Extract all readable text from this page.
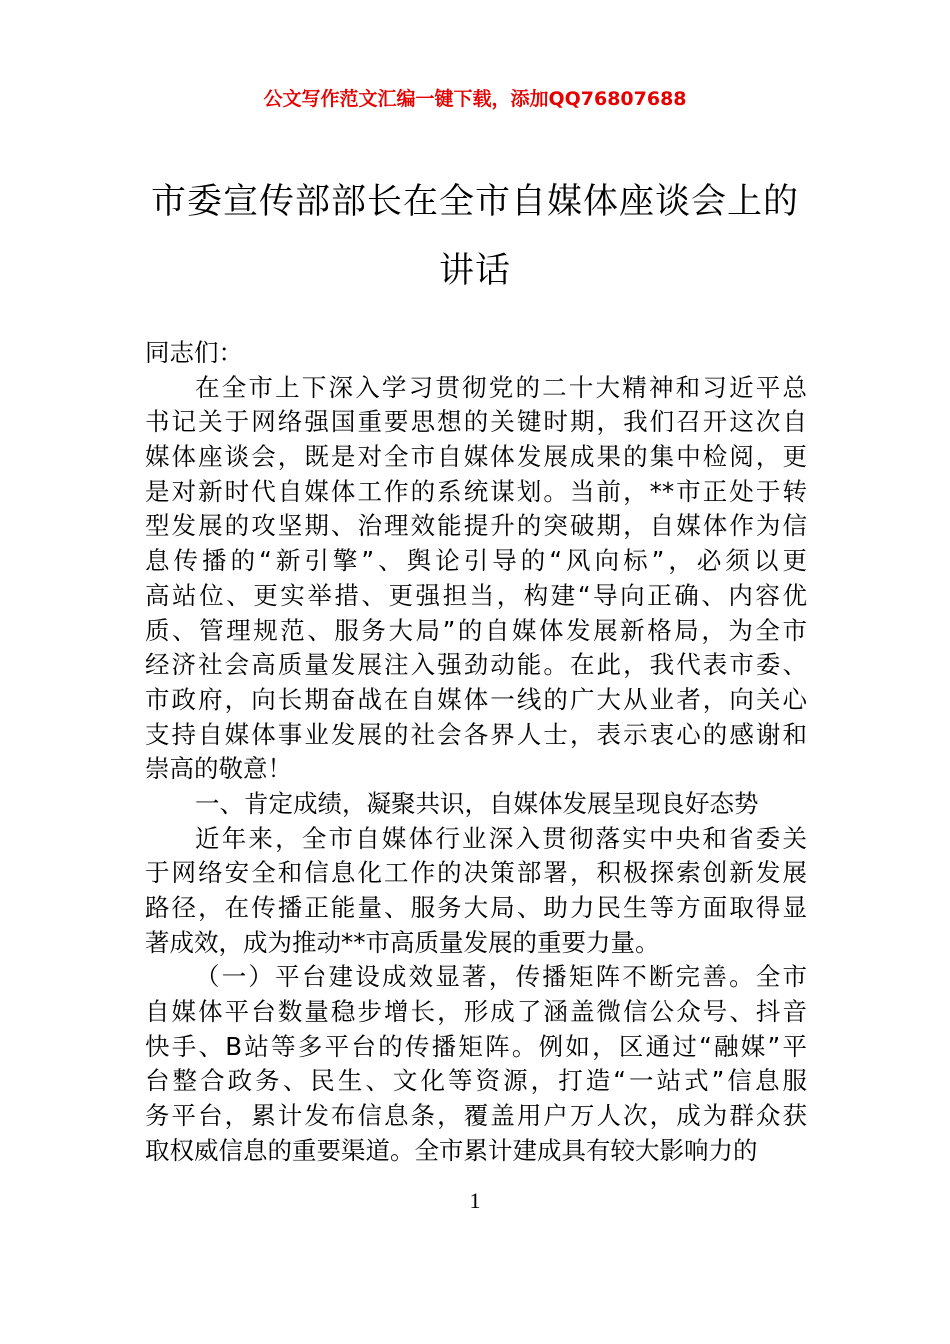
公文写作范文汇编一键下载，添加QQ76807688
市委宣传部部长在全市自媒体座谈会上的
讲话
同志们：
在全市上下深入学习贯彻党的二十大精神和习近平总
书记关于网络强国重要思想的关键时期，我们召开这次自
媒体座谈会，既是对全市自媒体发展成果的集中检阅，更
是对新时代自媒体工作的系统谋划。当前，**市正处于转
型发展的攻坚期、治理效能提升的突破期，自媒体作为信
息传播的“新引擎”、舆论引导的“风向标”，必须以更
高站位、更实举措、更强担当，构建“导向正确、内容优
质、管理规范、服务大局”的自媒体发展新格局，为全市
经济社会高质量发展注入强劲动能。在此，我代表市委、
市政府，向长期奋战在自媒体一线的广大从业者，向关心
支持自媒体事业发展的社会各界人士，表示衷心的感谢和
崇高的敬意！
一、肯定成绩，凝聚共识，自媒体发展呈现良好态势
近年来，全市自媒体行业深入贯彻落实中央和省委关
于网络安全和信息化工作的决策部署，积极探索创新发展
路径，在传播正能量、服务大局、助力民生等方面取得显
著成效，成为推动**市高质量发展的重要力量。
（一）平台建设成效显著，传播矩阵不断完善。全市
自媒体平台数量稳步增长，形成了涵盖微信公众号、抖音
快手、B站等多平台的传播矩阵。例如，区通过“融媒”平
台整合政务、民生、文化等资源，打造“一站式”信息服
务平台，累计发布信息条，覆盖用户万人次，成为群众获
取权威信息的重要渠道。全市累计建成具有较大影响力的
1
